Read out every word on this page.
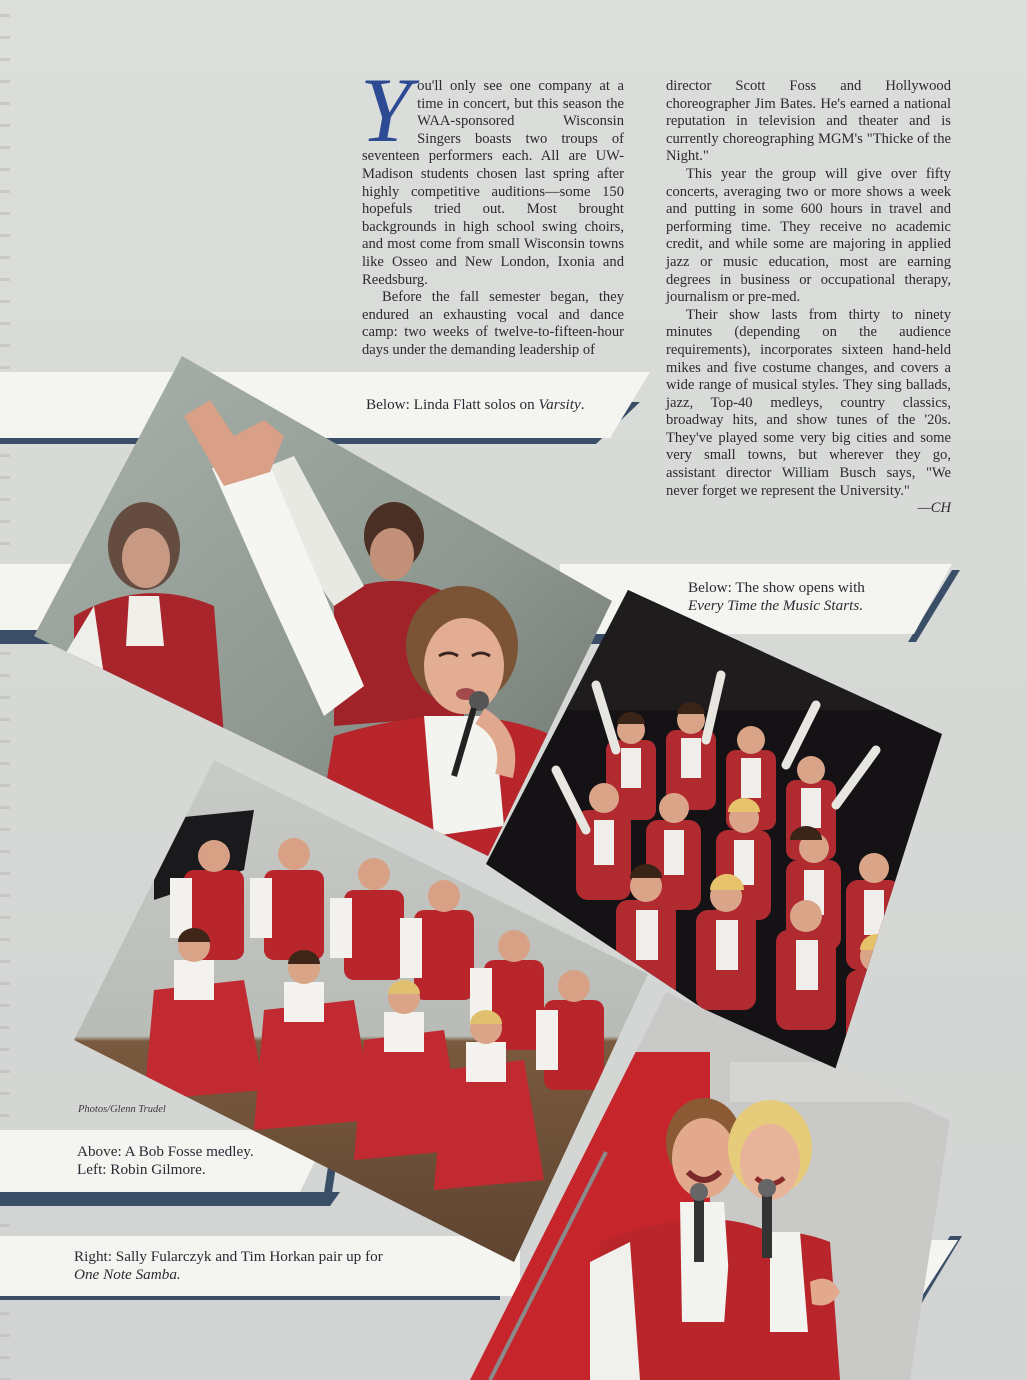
Y ou'll only see one company at a time in concert, but this season the WAA-sponsored Wisconsin Singers boasts two troups of seventeen performers each. All are UW-Madison students chosen last spring after highly competitive auditions—some 150 hopefuls tried out. Most brought backgrounds in high school swing choirs, and most come from small Wisconsin towns like Osseo and New London, Ixonia and Reedsburg.

Before the fall semester began, they endured an exhausting vocal and dance camp: two weeks of twelve-to-fifteen-hour days under the demanding leadership of

director Scott Foss and Hollywood choreographer Jim Bates. He's earned a national reputation in television and theater and is currently choreographing MGM's "Thicke of the Night."

This year the group will give over fifty concerts, averaging two or more shows a week and putting in some 600 hours in travel and performing time. They receive no academic credit, and while some are majoring in applied jazz or music education, most are earning degrees in business or occupational therapy, journalism or pre-med.

Their show lasts from thirty to ninety minutes (depending on the audience requirements), incorporates sixteen hand-held mikes and five costume changes, and covers a wide range of musical styles. They sing ballads, jazz, Top-40 medleys, country classics, broadway hits, and show tunes of the '20s. They've played some very big cities and some very small towns, but wherever they go, assistant director William Busch says, "We never forget we represent the University."
—CH

Below: Linda Flatt solos on Varsity.
Below: The show opens with
Every Time the Music Starts.
Photos/Glenn Trudel
Above: A Bob Fosse medley.
Left: Robin Gilmore.
Right: Sally Fularczyk and Tim Horkan pair up for
One Note Samba.
